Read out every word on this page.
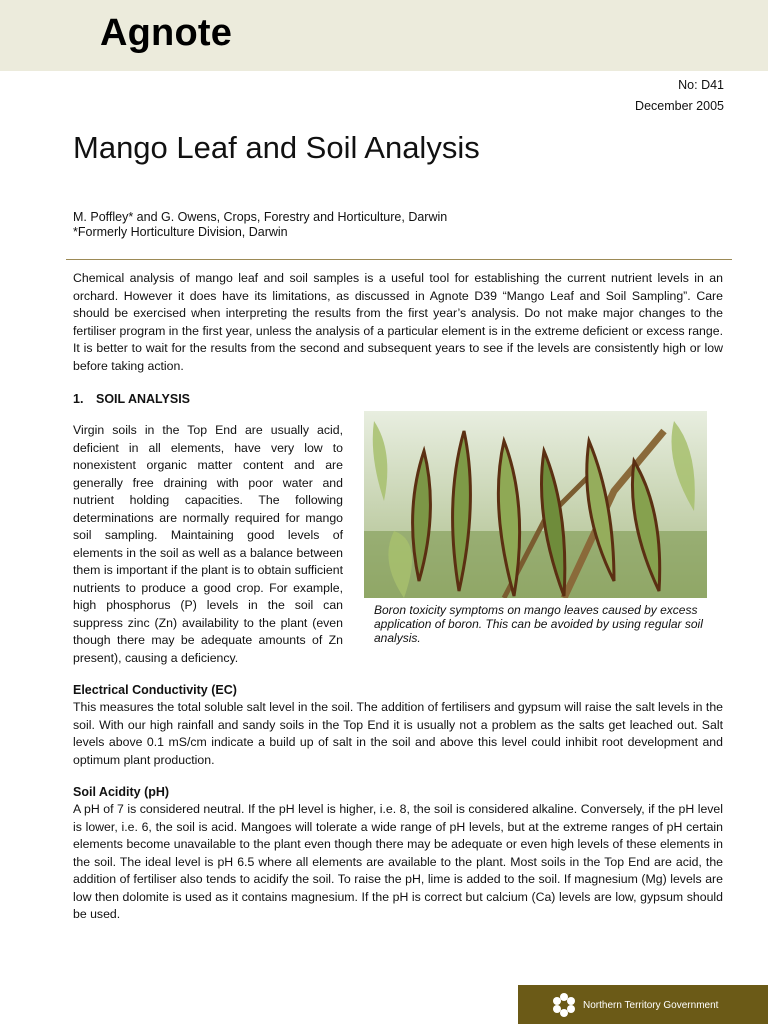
Agnote
No: D41
December 2005
Mango Leaf and Soil Analysis
M. Poffley* and G. Owens, Crops, Forestry and Horticulture, Darwin
*Formerly Horticulture Division, Darwin

Chemical analysis of mango leaf and soil samples is a useful tool for establishing the current nutrient levels in an orchard. However it does have its limitations, as discussed in Agnote D39 “Mango Leaf and Soil Sampling”. Care should be exercised when interpreting the results from the first year’s analysis. Do not make major changes to the fertiliser program in the first year, unless the analysis of a particular element is in the extreme deficient or excess range. It is better to wait for the results from the second and subsequent years to see if the levels are consistently high or low before taking action.

1. SOIL ANALYSIS

Virgin soils in the Top End are usually acid, deficient in all elements, have very low to nonexistent organic matter content and are generally free draining with poor water and nutrient holding capacities. The following determinations are normally required for mango soil sampling. Maintaining good levels of elements in the soil as well as a balance between them is important if the plant is to obtain sufficient nutrients to produce a good crop. For example, high phosphorus (P) levels in the soil can suppress zinc (Zn) availability to the plant (even though there may be adequate amounts of Zn present), causing a deficiency.

Boron toxicity symptoms on mango leaves caused by excess application of boron. This can be avoided by using regular soil analysis.
Electrical Conductivity (EC)

This measures the total soluble salt level in the soil. The addition of fertilisers and gypsum will raise the salt levels in the soil. With our high rainfall and sandy soils in the Top End it is usually not a problem as the salts get leached out. Salt levels above 0.1 mS/cm indicate a build up of salt in the soil and above this level could inhibit root development and optimum plant production.

Soil Acidity (pH)

A pH of 7 is considered neutral. If the pH level is higher, i.e. 8, the soil is considered alkaline. Conversely, if the pH level is lower, i.e. 6, the soil is acid. Mangoes will tolerate a wide range of pH levels, but at the extreme ranges of pH certain elements become unavailable to the plant even though there may be adequate or even high levels of these elements in the soil. The ideal level is pH 6.5 where all elements are available to the plant. Most soils in the Top End are acid, the addition of fertiliser also tends to acidify the soil. To raise the pH, lime is added to the soil. If magnesium (Mg) levels are low then dolomite is used as it contains magnesium. If the pH is correct but calcium (Ca) levels are low, gypsum should be used.

Northern Territory Government
